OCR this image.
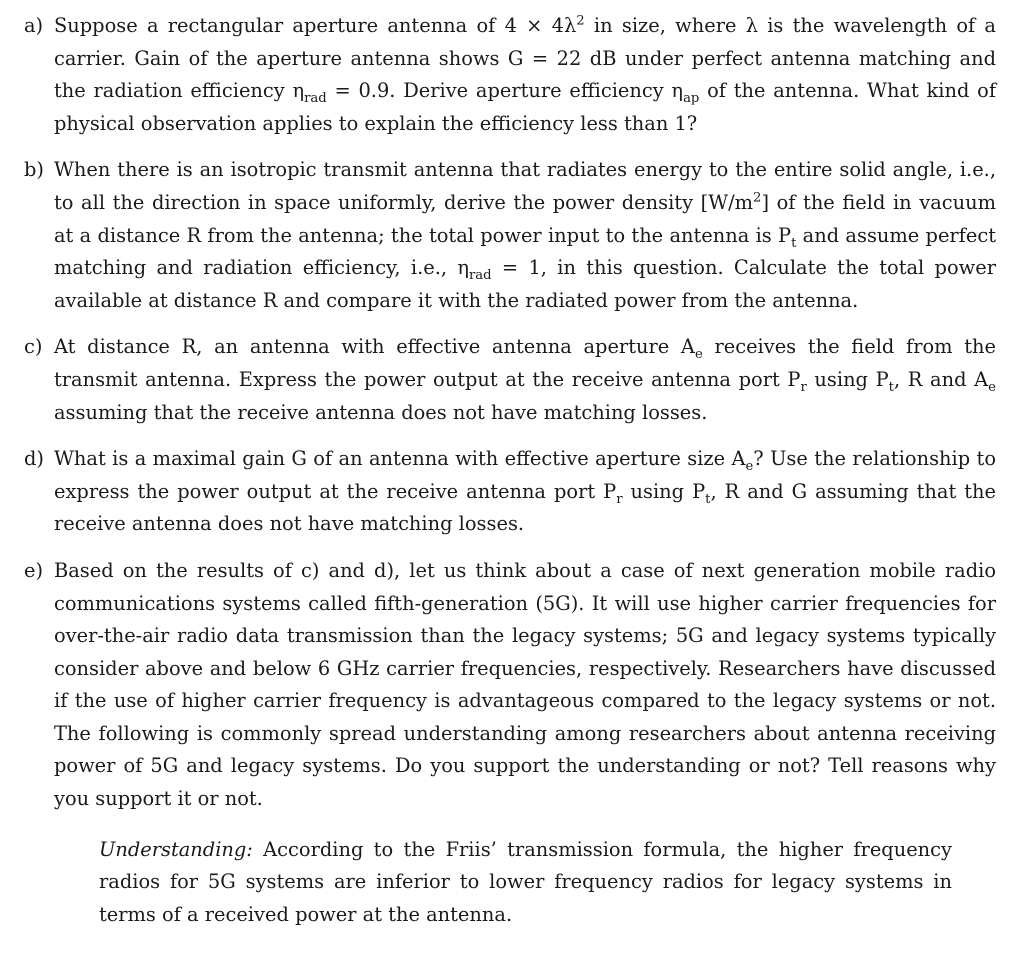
a) Suppose a rectangular aperture antenna of $4 \times 4\lambda^2$ in size, where λ is the wavelength of a carrier. Gain of the aperture antenna shows G = 22 dB under perfect antenna matching and the radiation efficiency $\eta_{rad} = 0.9$. Derive aperture efficiency $\eta_{ap}$ of the antenna. What kind of physical observation applies to explain the efficiency less than 1?
b) When there is an isotropic transmit antenna that radiates energy to the entire solid angle, i.e., to all the direction in space uniformly, derive the power density $[W/m^2]$ of the field in vacuum at a distance R from the antenna; the total power input to the antenna is $P_t$ and assume perfect matching and radiation efficiency, i.e., $\eta_{rad} = 1$, in this question. Calculate the total power available at distance R and compare it with the radiated power from the antenna.
c) At distance R, an antenna with effective antenna aperture $A_e$ receives the field from the transmit antenna. Express the power output at the receive antenna port $P_r$ using $P_t$, R and $A_e$ assuming that the receive antenna does not have matching losses.
d) What is a maximal gain G of an antenna with effective aperture size $A_e$? Use the relationship to express the power output at the receive antenna port $P_r$ using $P_t$, R and G assuming that the receive antenna does not have matching losses.
e) Based on the results of c) and d), let us think about a case of next generation mobile radio communications systems called fifth-generation (5G). It will use higher carrier frequencies for over-the-air radio data transmission than the legacy systems; 5G and legacy systems typically consider above and below 6 GHz carrier frequencies, respectively. Researchers have discussed if the use of higher carrier frequency is advantageous compared to the legacy systems or not. The following is commonly spread understanding among researchers about antenna receiving power of 5G and legacy systems. Do you support the understanding or not? Tell reasons why you support it or not.
Understanding: According to the Friis’ transmission formula, the higher frequency radios for 5G systems are inferior to lower frequency radios for legacy systems in terms of a received power at the antenna.
